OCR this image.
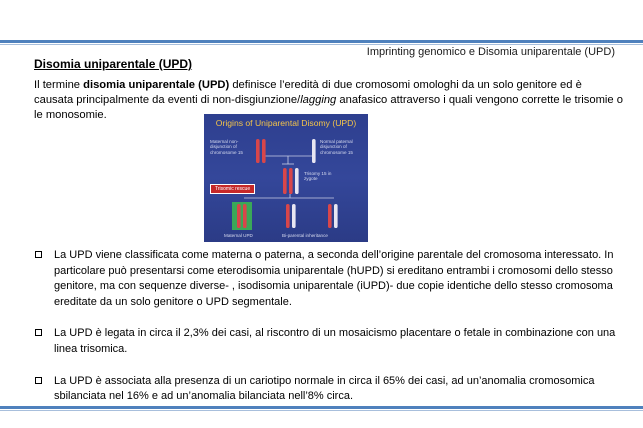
Imprinting genomico e Disomia uniparentale (UPD)
Disomia uniparentale (UPD)

Il termine disomia uniparentale (UPD) definisce l’eredità di due cromosomi omologhi da un solo genitore ed è causata principalmente da eventi di non-disgiunzione/lagging anafasico attraverso i quali vengono corrette le trisomie o le monosomie.

Origins of Uniparental Disomy (UPD)
Maternal non-disjunction of chromosome 15
Normal paternal disjunction of chromosome 15
Trisomy 15 in zygote
Trisomic rescue
Maternal UPD	Bi-parental inheritance
La UPD viene classificata come materna o paterna, a seconda dell’origine parentale del cromosoma interessato. In particolare può presentarsi come eterodisomia uniparentale (hUPD) si ereditano entrambi i cromosomi dello stesso genitore, ma con sequenze diverse- , isodisomia uniparentale (iUPD)- due copie identiche dello stesso cromosoma ereditate da un solo genitore o UPD segmentale.
La UPD è legata in circa il 2,3% dei casi, al riscontro di un mosaicismo placentare o fetale in combinazione con una linea trisomica.
La UPD è associata alla presenza di un cariotipo normale in circa il 65% dei casi, ad un’anomalia cromosomica sbilanciata nel 16% e ad un’anomalia bilanciata nell’8% circa.
